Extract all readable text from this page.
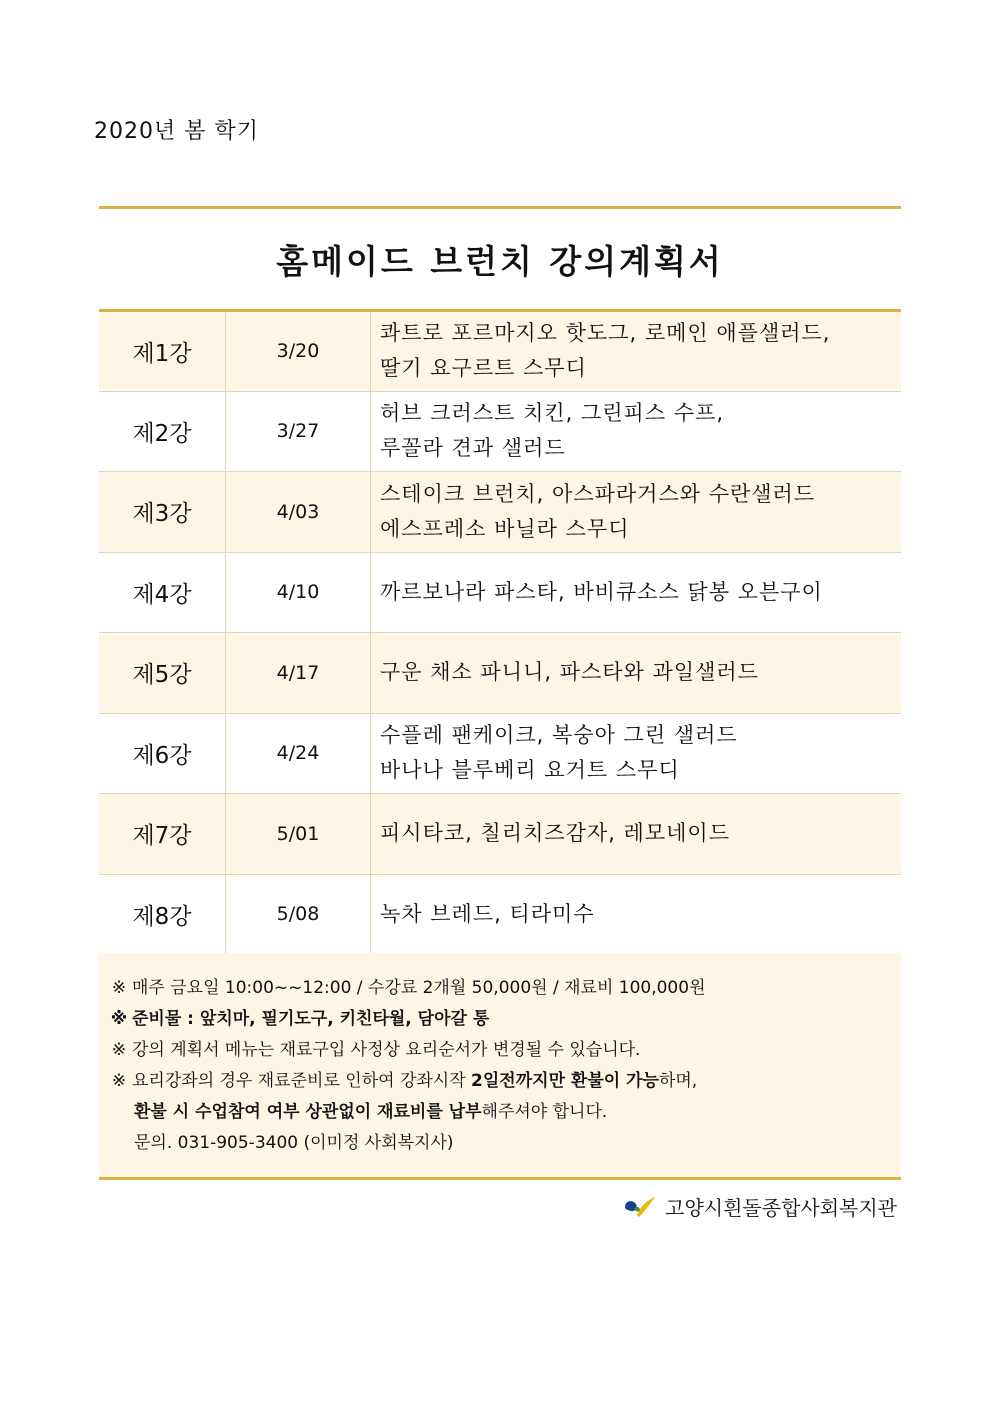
2020년 봄 학기
홈메이드 브런치 강의계획서
제1강	3/20	콰트로 포르마지오 핫도그, 로메인 애플샐러드,
딸기 요구르트 스무디

제2강	3/27	허브 크러스트 치킨, 그린피스 수프,
루꼴라 견과 샐러드

제3강	4/03	스테이크 브런치, 아스파라거스와 수란샐러드
에스프레소 바닐라 스무디

제4강	4/10	까르보나라 파스타, 바비큐소스 닭봉 오븐구이

제5강	4/17	구운 채소 파니니, 파스타와 과일샐러드

제6강	4/24	수플레 팬케이크, 복숭아 그린 샐러드
바나나 블루베리 요거트 스무디

제7강	5/01	피시타코, 칠리치즈감자, 레모네이드

제8강	5/08	녹차 브레드, 티라미수
※ 매주 금요일 10:00~~12:00 / 수강료 2개월 50,000원 / 재료비 100,000원
※ 준비물 : 앞치마, 필기도구, 키친타월, 담아갈 통
※ 강의 계획서 메뉴는 재료구입 사정상 요리순서가 변경될 수 있습니다.
※ 요리강좌의 경우 재료준비로 인하여 강좌시작 2일전까지만 환불이 가능하며,
환불 시 수업참여 여부 상관없이 재료비를 납부해주셔야 합니다.
문의. 031-905-3400 (이미정 사회복지사)
고양시흰돌종합사회복지관
